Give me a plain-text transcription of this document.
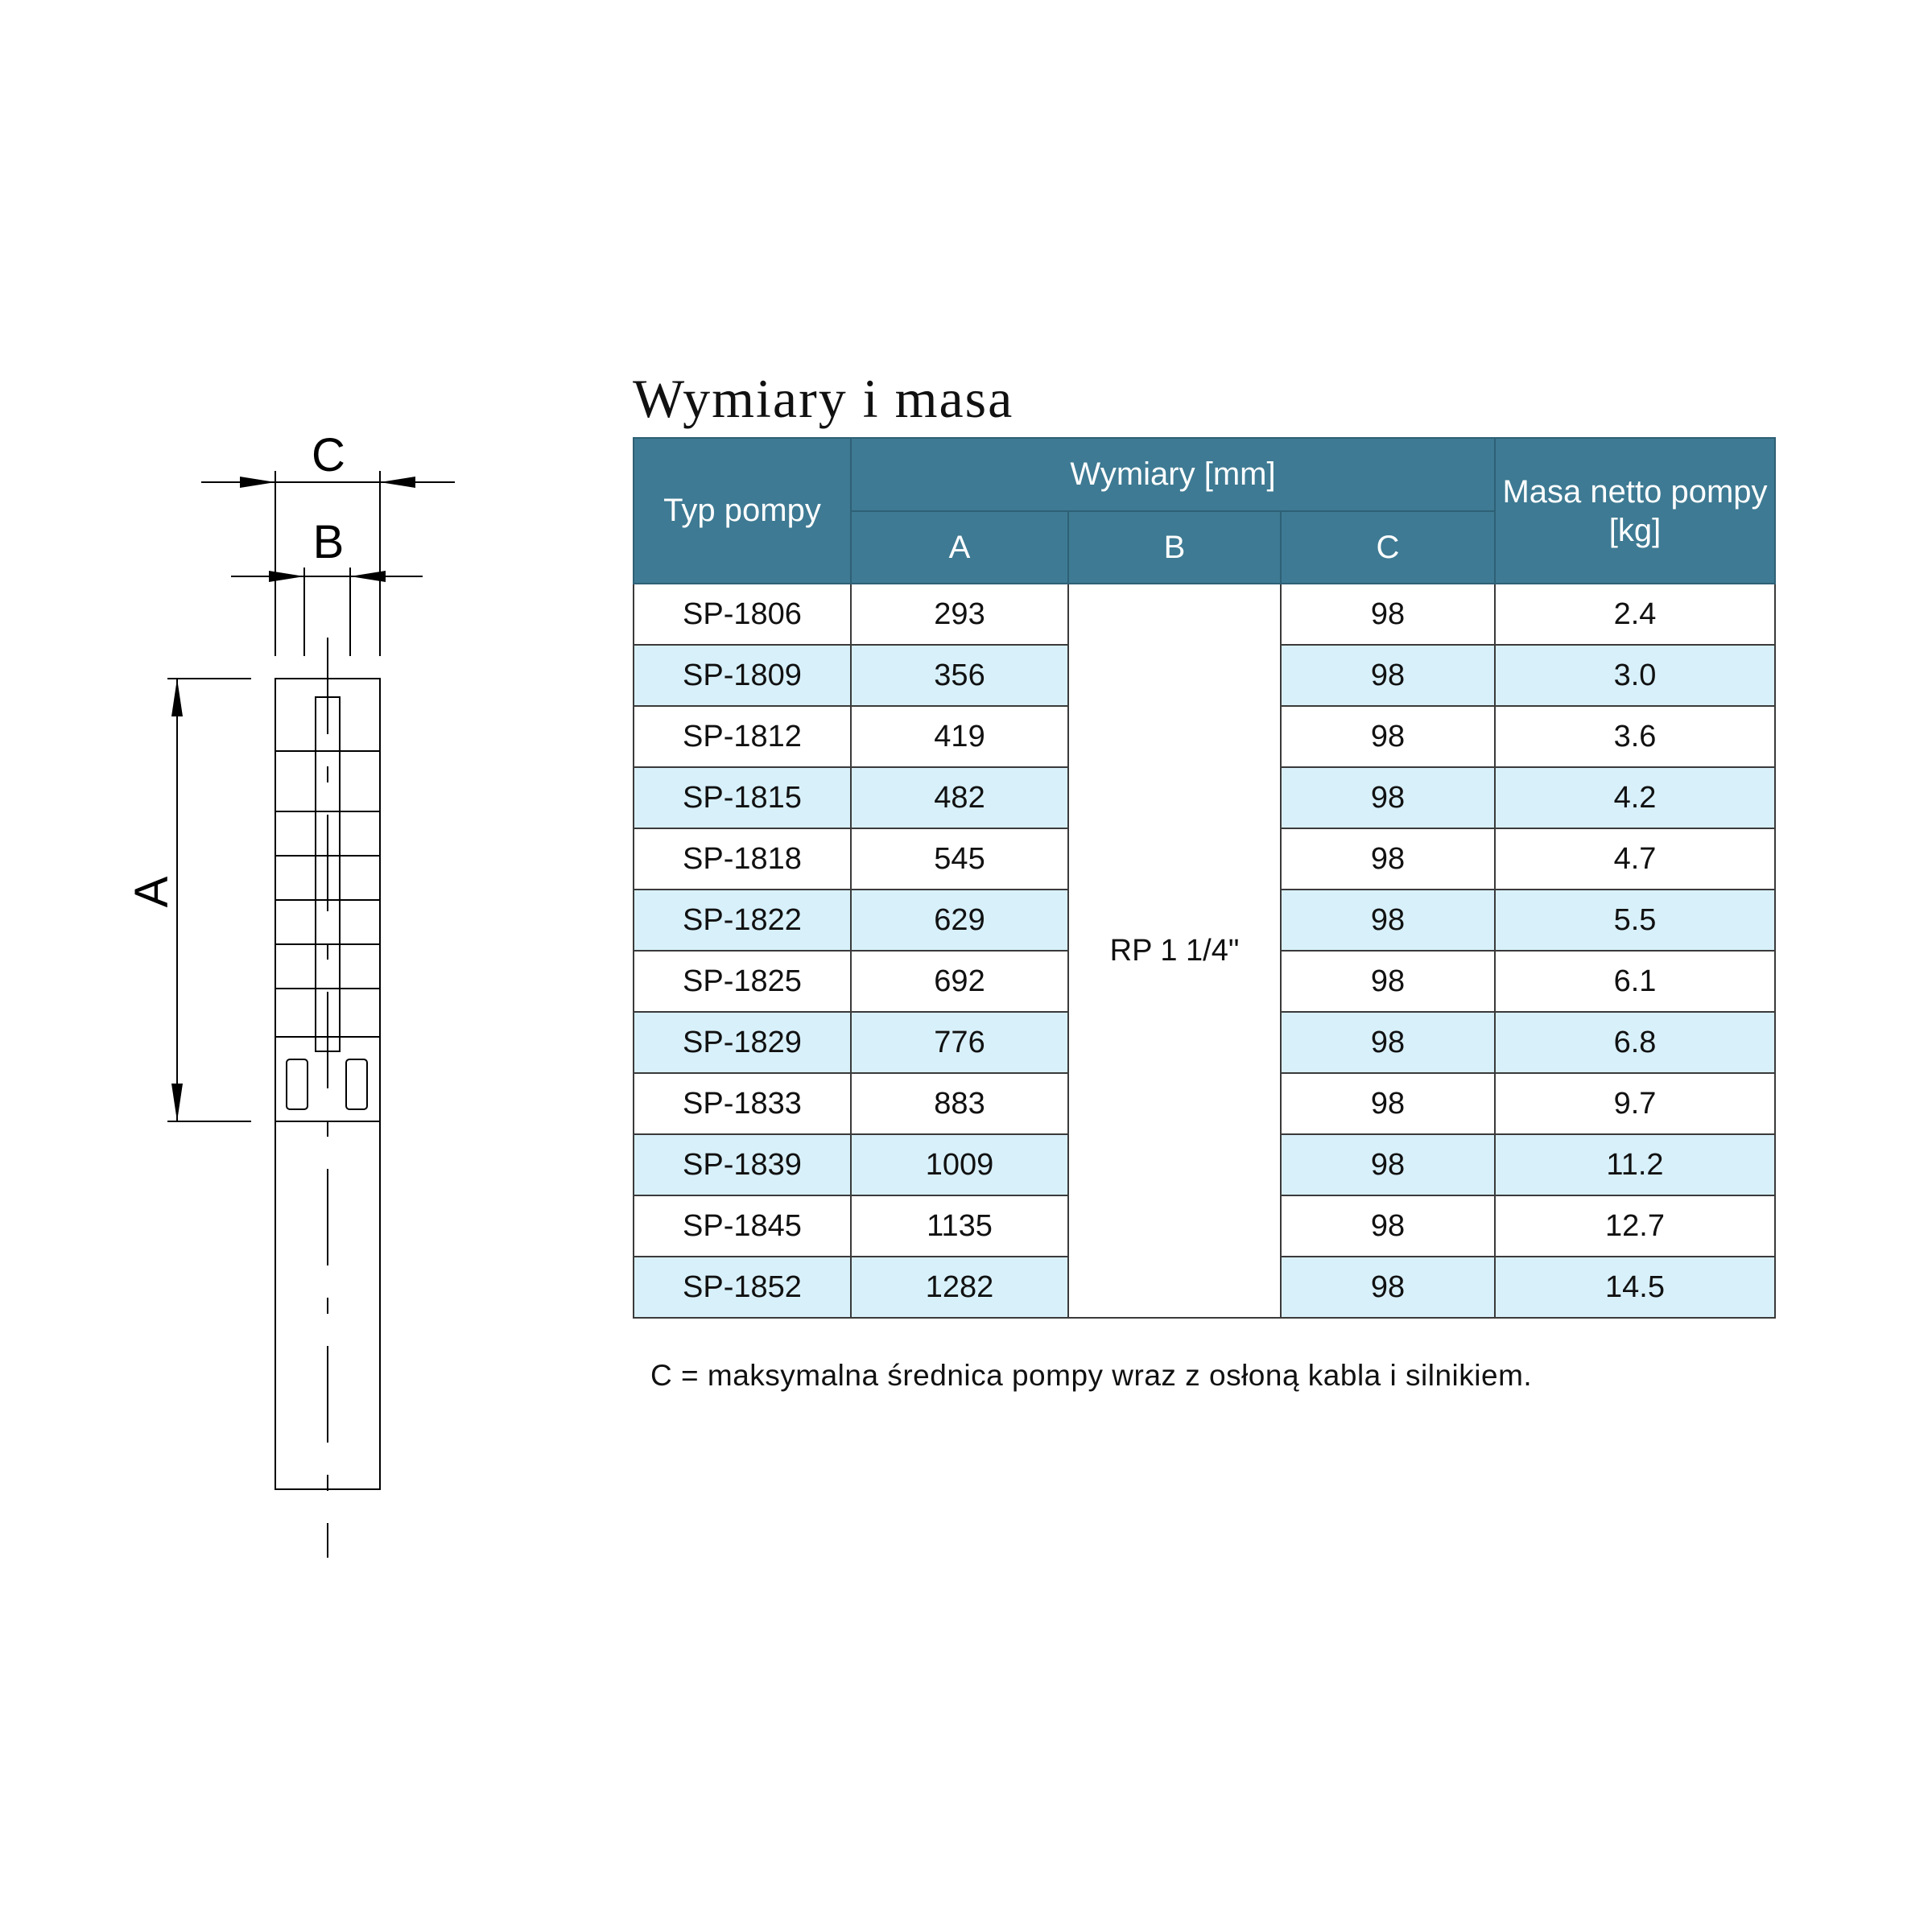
C
B
A
Wymiary i masa
Typ pompy	Wymiary [mm]			Masa netto pompy [kg]
	A	B	C	
SP-1806	293	RP 1 1/4"	98	2.4
SP-1809	356		98	3.0
SP-1812	419		98	3.6
SP-1815	482		98	4.2
SP-1818	545		98	4.7
SP-1822	629		98	5.5
SP-1825	692		98	6.1
SP-1829	776		98	6.8
SP-1833	883		98	9.7
SP-1839	1009		98	11.2
SP-1845	1135		98	12.7
SP-1852	1282		98	14.5

C = maksymalna średnica pompy wraz z osłoną kabla i silnikiem.
